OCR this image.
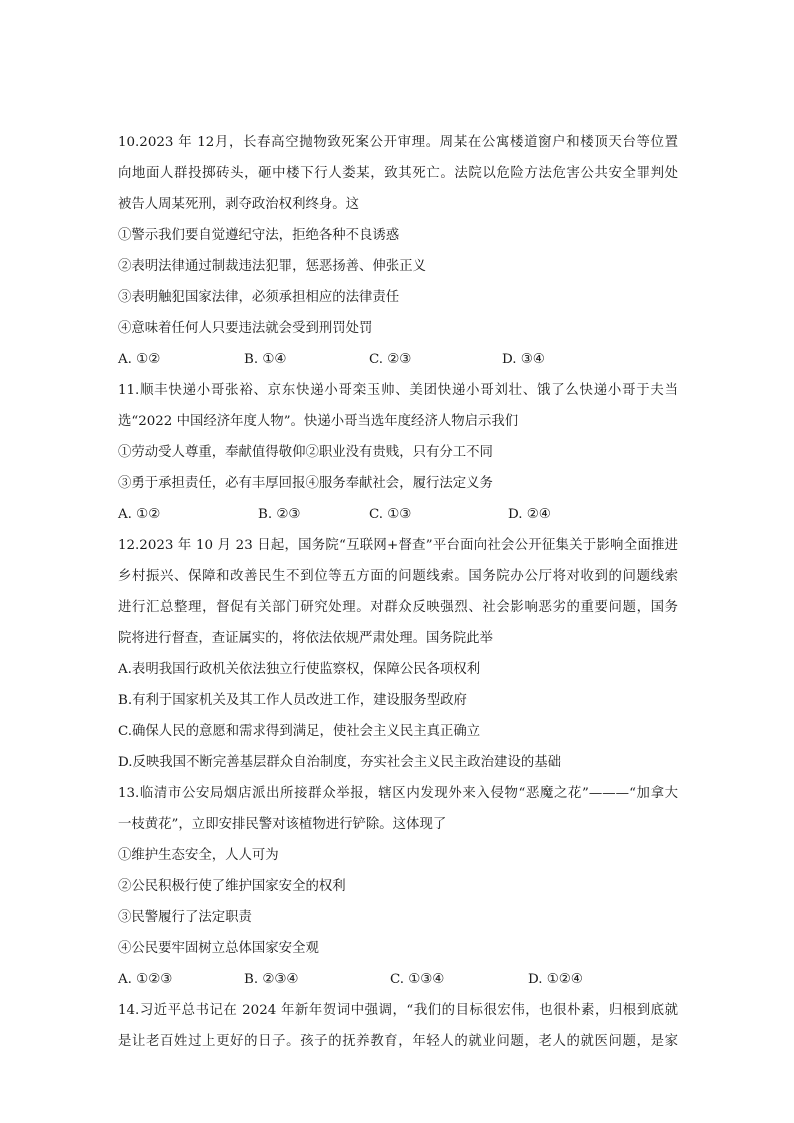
10.2023 年 12月，长春高空抛物致死案公开审理。周某在公寓楼道窗户和楼顶天台等位置
向地面人群投掷砖头，砸中楼下行人娄某，致其死亡。法院以危险方法危害公共安全罪判处
被告人周某死刑，剥夺政治权利终身。这
①警示我们要自觉遵纪守法，拒绝各种不良诱惑
②表明法律通过制裁违法犯罪，惩恶扬善、伸张正义
③表明触犯国家法律，必须承担相应的法律责任
④意味着任何人只要违法就会受到刑罚处罚
A. ①②	B. ①④	C. ②③	D. ③④
11.顺丰快递小哥张裕、京东快递小哥栾玉帅、美团快递小哥刘壮、饿了么快递小哥于夫当
选“2022 中国经济年度人物”。快递小哥当选年度经济人物启示我们
①劳动受人尊重，奉献值得敬仰②职业没有贵贱，只有分工不同
③勇于承担责任，必有丰厚回报④服务奉献社会，履行法定义务
A. ①②	B. ②③	C. ①③	D. ②④
12.2023 年 10 月 23 日起，国务院“互联网+督查”平台面向社会公开征集关于影响全面推进
乡村振兴、保障和改善民生不到位等五方面的问题线索。国务院办公厅将对收到的问题线索
进行汇总整理，督促有关部门研究处理。对群众反映强烈、社会影响恶劣的重要问题，国务
院将进行督查，查证属实的，将依法依规严肃处理。国务院此举
A.表明我国行政机关依法独立行使监察权，保障公民各项权利
B.有利于国家机关及其工作人员改进工作，建设服务型政府
C.确保人民的意愿和需求得到满足，使社会主义民主真正确立
D.反映我国不断完善基层群众自治制度，夯实社会主义民主政治建设的基础
13.临清市公安局烟店派出所接群众举报，辖区内发现外来入侵物“恶魔之花”———“加拿大
一枝黄花”，立即安排民警对该植物进行铲除。这体现了
①维护生态安全，人人可为
②公民积极行使了维护国家安全的权利
③民警履行了法定职责
④公民要牢固树立总体国家安全观
A. ①②③	B. ②③④	C. ①③④	D. ①②④
14.习近平总书记在 2024 年新年贺词中强调，“我们的目标很宏伟，也很朴素，归根到底就
是让老百姓过上更好的日子。孩子的抚养教育，年轻人的就业问题，老人的就医问题，是家
